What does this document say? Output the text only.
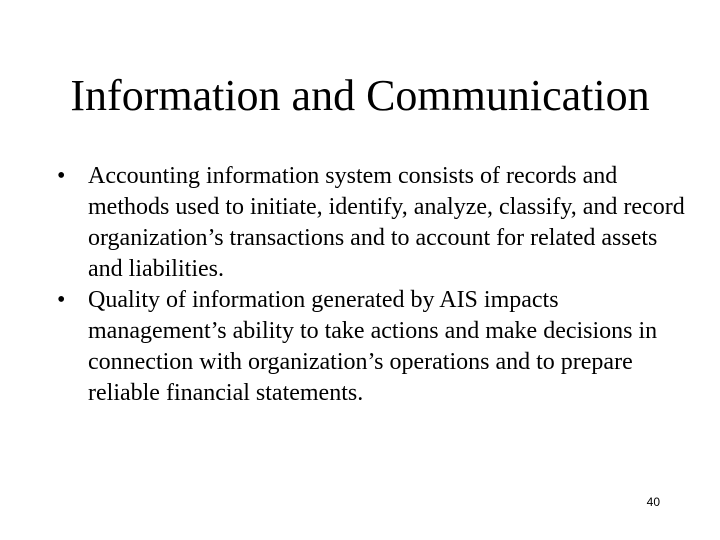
Information and Communication
• Accounting information system consists of records and methods used to initiate, identify, analyze, classify, and record organization’s transactions and to account for related assets and liabilities.
• Quality of information generated by AIS impacts management’s ability to take actions and make decisions in connection with organization’s operations and to prepare reliable financial statements.
40
